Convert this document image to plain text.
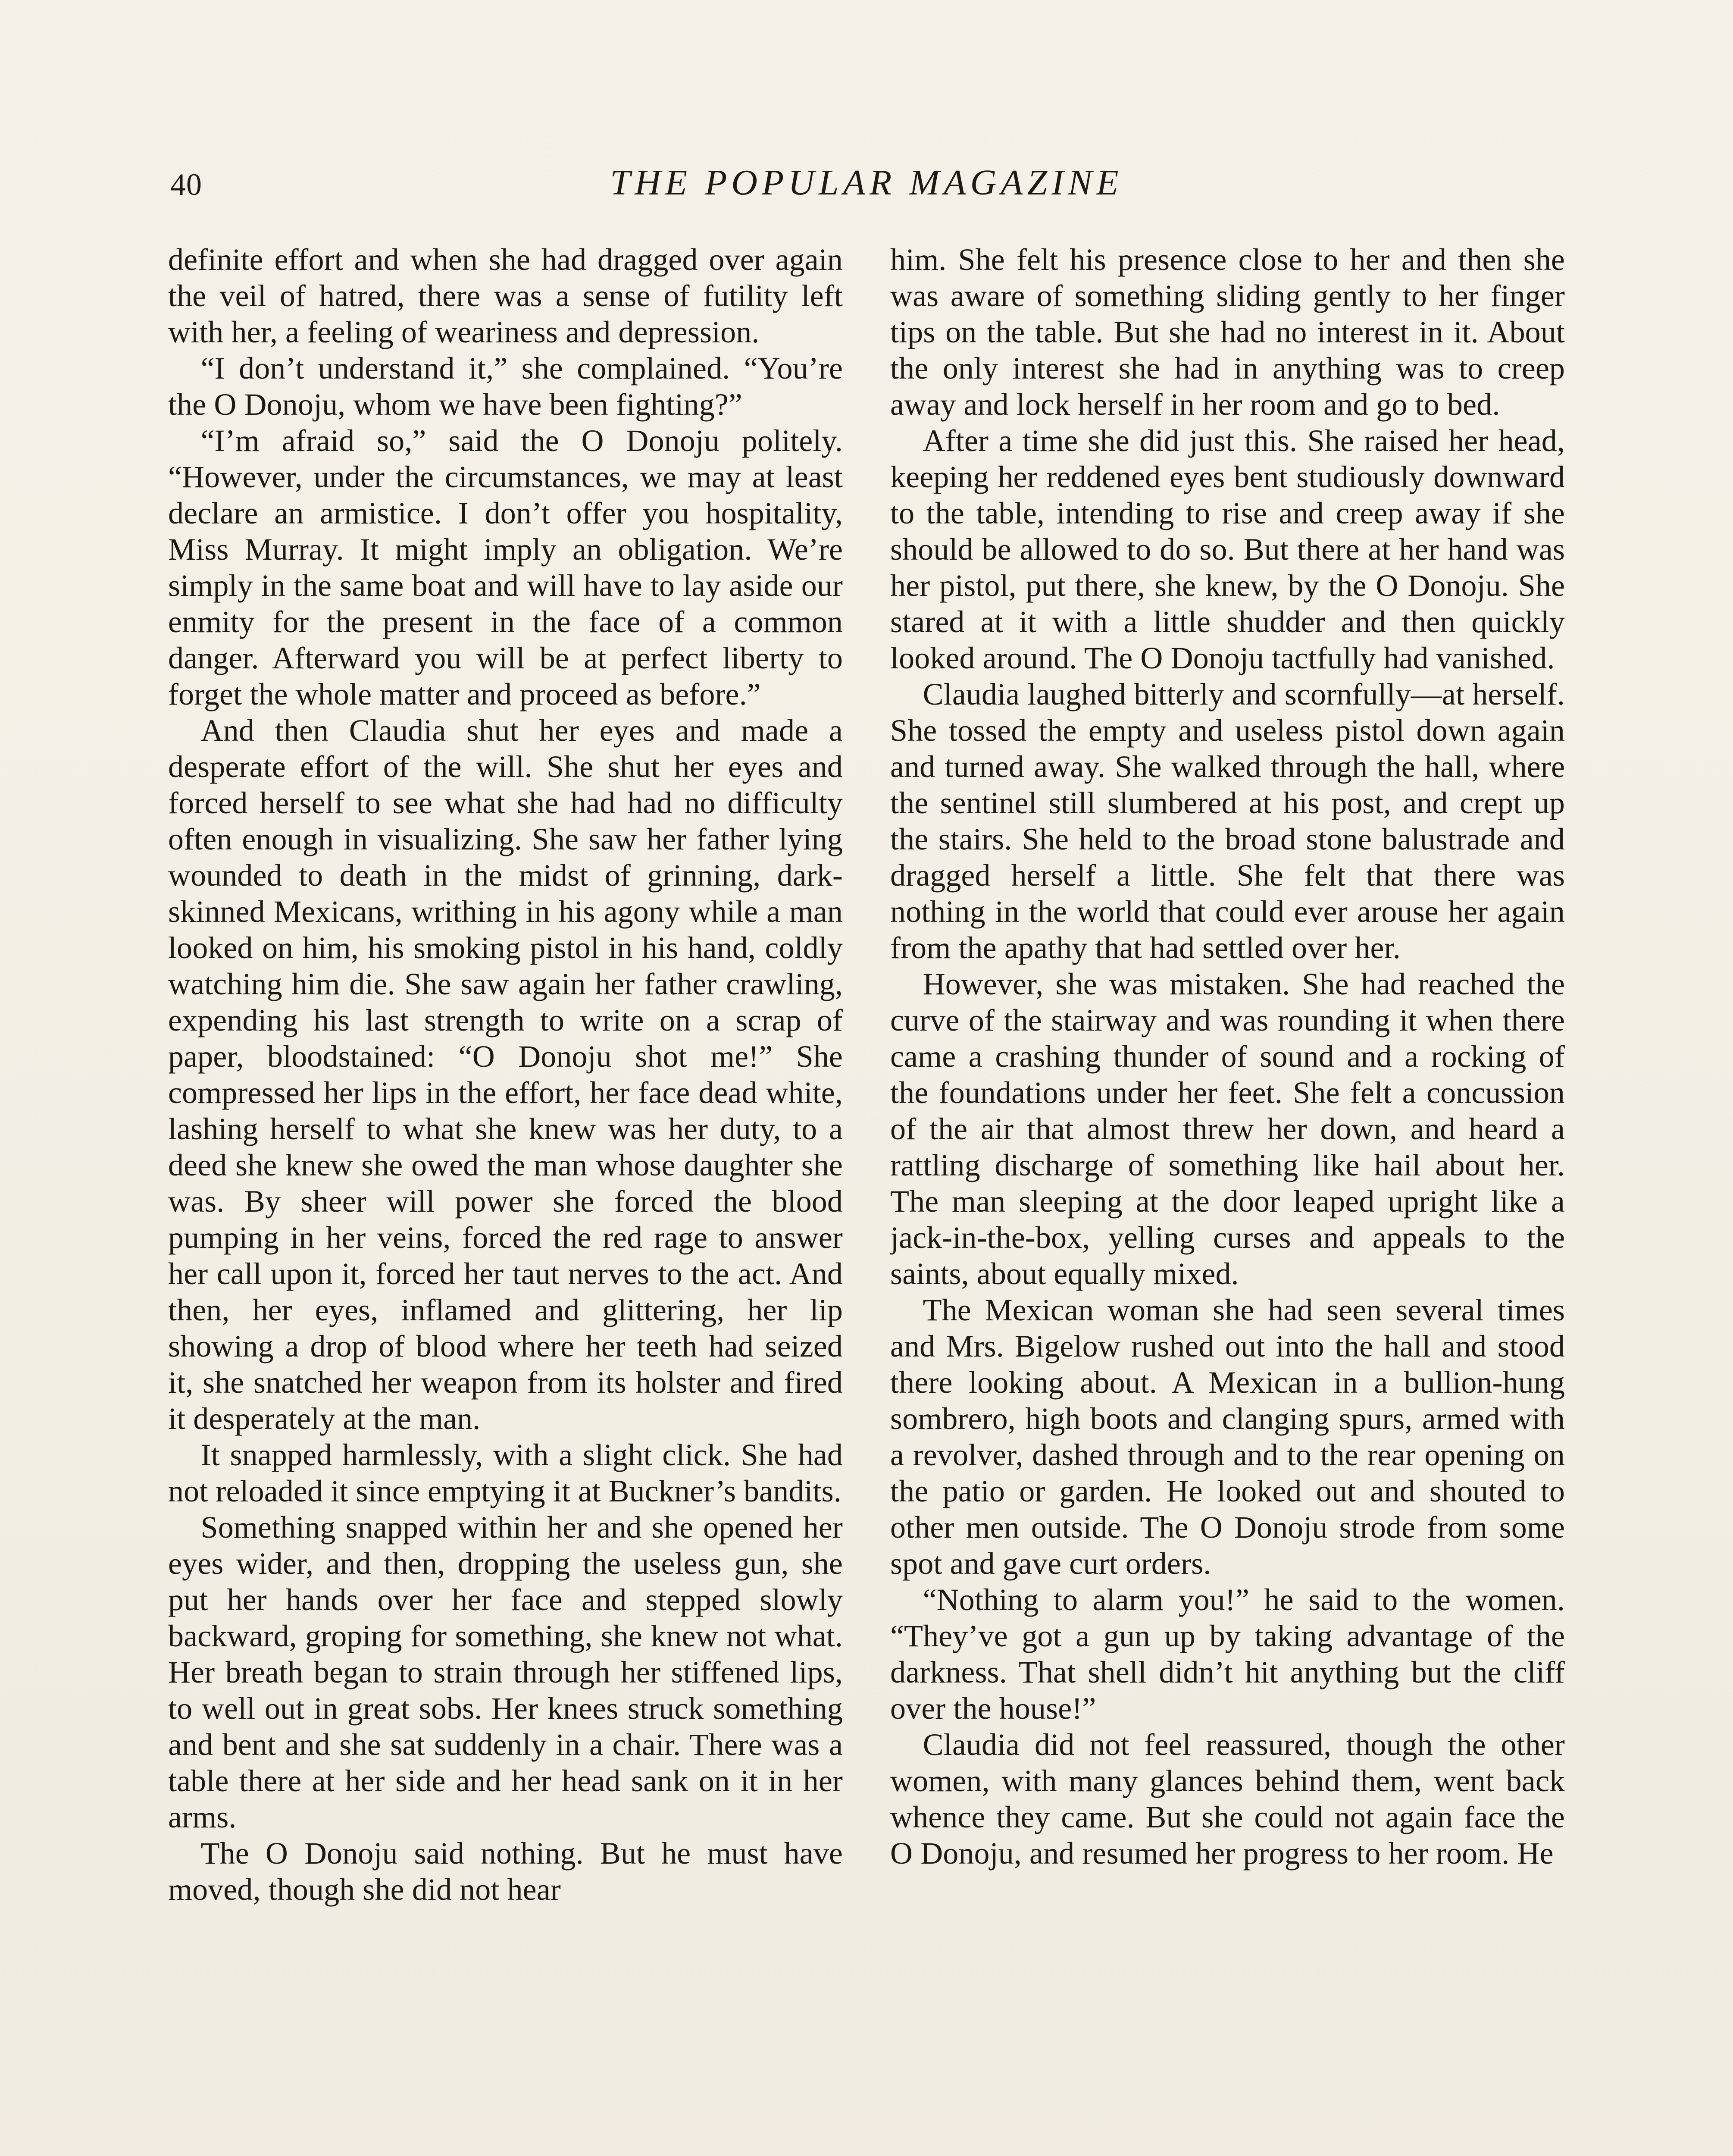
40	THE POPULAR MAGAZINE

definite effort and when she had dragged over again the veil of hatred, there was a sense of futility left with her, a feeling of weariness and depression.

“I don’t understand it,” she complained. “You’re the O Donoju, whom we have been fighting?”

“I’m afraid so,” said the O Donoju politely. “However, under the circumstances, we may at least declare an armistice. I don’t offer you hospitality, Miss Murray. It might imply an obligation. We’re simply in the same boat and will have to lay aside our enmity for the present in the face of a common danger. Afterward you will be at perfect liberty to forget the whole matter and proceed as before.”

And then Claudia shut her eyes and made a desperate effort of the will. She shut her eyes and forced herself to see what she had had no difficulty often enough in visualizing. She saw her father lying wounded to death in the midst of grinning, dark-skinned Mexicans, writhing in his agony while a man looked on him, his smoking pistol in his hand, coldly watching him die. She saw again her father crawling, expending his last strength to write on a scrap of paper, bloodstained: “O Donoju shot me!” She compressed her lips in the effort, her face dead white, lashing herself to what she knew was her duty, to a deed she knew she owed the man whose daughter she was. By sheer will power she forced the blood pumping in her veins, forced the red rage to answer her call upon it, forced her taut nerves to the act. And then, her eyes, inflamed and glittering, her lip showing a drop of blood where her teeth had seized it, she snatched her weapon from its holster and fired it desperately at the man.

It snapped harmlessly, with a slight click. She had not reloaded it since emptying it at Buckner’s bandits.

Something snapped within her and she opened her eyes wider, and then, dropping the useless gun, she put her hands over her face and stepped slowly backward, groping for something, she knew not what. Her breath began to strain through her stiffened lips, to well out in great sobs. Her knees struck something and bent and she sat suddenly in a chair. There was a table there at her side and her head sank on it in her arms.

The O Donoju said nothing. But he must have moved, though she did not hear

him. She felt his presence close to her and then she was aware of something sliding gently to her finger tips on the table. But she had no interest in it. About the only interest she had in anything was to creep away and lock herself in her room and go to bed.

After a time she did just this. She raised her head, keeping her reddened eyes bent studiously downward to the table, intending to rise and creep away if she should be allowed to do so. But there at her hand was her pistol, put there, she knew, by the O Donoju. She stared at it with a little shudder and then quickly looked around. The O Donoju tactfully had vanished.

Claudia laughed bitterly and scornfully—at herself. She tossed the empty and useless pistol down again and turned away. She walked through the hall, where the sentinel still slumbered at his post, and crept up the stairs. She held to the broad stone balustrade and dragged herself a little. She felt that there was nothing in the world that could ever arouse her again from the apathy that had settled over her.

However, she was mistaken. She had reached the curve of the stairway and was rounding it when there came a crashing thunder of sound and a rocking of the foundations under her feet. She felt a concussion of the air that almost threw her down, and heard a rattling discharge of something like hail about her. The man sleeping at the door leaped upright like a jack-in-the-box, yelling curses and appeals to the saints, about equally mixed.

The Mexican woman she had seen several times and Mrs. Bigelow rushed out into the hall and stood there looking about. A Mexican in a bullion-hung sombrero, high boots and clanging spurs, armed with a revolver, dashed through and to the rear opening on the patio or garden. He looked out and shouted to other men outside. The O Donoju strode from some spot and gave curt orders.

“Nothing to alarm you!” he said to the women. “They’ve got a gun up by taking advantage of the darkness. That shell didn’t hit anything but the cliff over the house!”

Claudia did not feel reassured, though the other women, with many glances behind them, went back whence they came. But she could not again face the O Donoju, and resumed her progress to her room. He
